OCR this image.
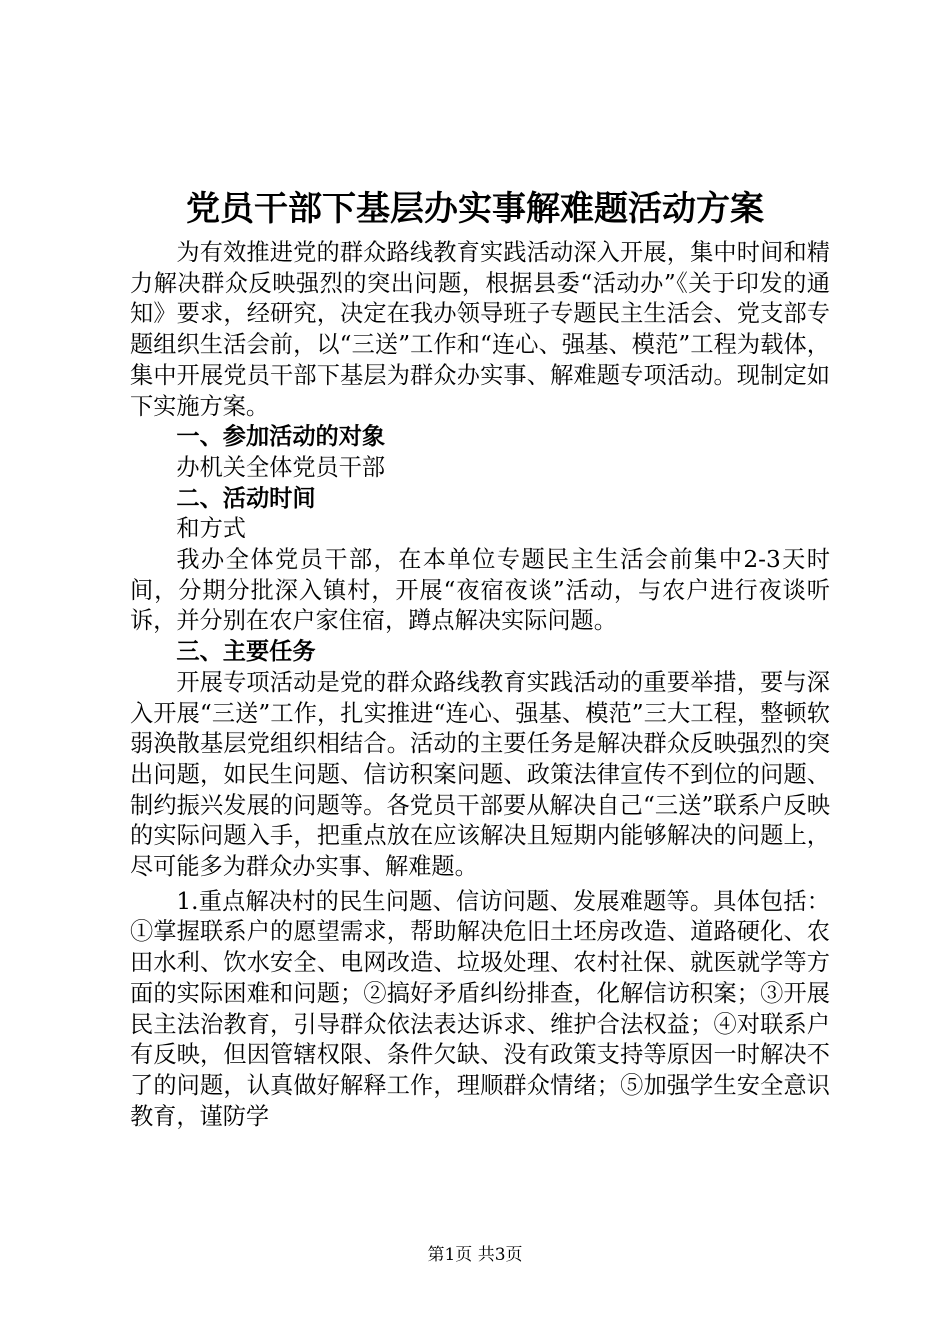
党员干部下基层办实事解难题活动方案

为有效推进党的群众路线教育实践活动深入开展，集中时间和精力解决群众反映强烈的突出问题，根据县委“活动办”《关于印发的通知》要求，经研究，决定在我办领导班子专题民主生活会、党支部专题组织生活会前，以“三送”工作和“连心、强基、模范”工程为载体，集中开展党员干部下基层为群众办实事、解难题专项活动。现制定如下实施方案。

一、参加活动的对象

办机关全体党员干部

二、活动时间

和方式

我办全体党员干部，在本单位专题民主生活会前集中2-3天时间，分期分批深入镇村，开展“夜宿夜谈”活动，与农户进行夜谈听诉，并分别在农户家住宿，蹲点解决实际问题。

三、主要任务

开展专项活动是党的群众路线教育实践活动的重要举措，要与深入开展“三送”工作，扎实推进“连心、强基、模范”三大工程，整顿软弱涣散基层党组织相结合。活动的主要任务是解决群众反映强烈的突出问题，如民生问题、信访积案问题、政策法律宣传不到位的问题、制约振兴发展的问题等。各党员干部要从解决自己“三送”联系户反映的实际问题入手，把重点放在应该解决且短期内能够解决的问题上，尽可能多为群众办实事、解难题。

1.重点解决村的民生问题、信访问题、发展难题等。具体包括：①掌握联系户的愿望需求，帮助解决危旧土坯房改造、道路硬化、农田水利、饮水安全、电网改造、垃圾处理、农村社保、就医就学等方面的实际困难和问题；②搞好矛盾纠纷排查，化解信访积案；③开展民主法治教育，引导群众依法表达诉求、维护合法权益；④对联系户有反映，但因管辖权限、条件欠缺、没有政策支持等原因一时解决不了的问题，认真做好解释工作，理顺群众情绪；⑤加强学生安全意识教育，谨防学

第1页 共3页
